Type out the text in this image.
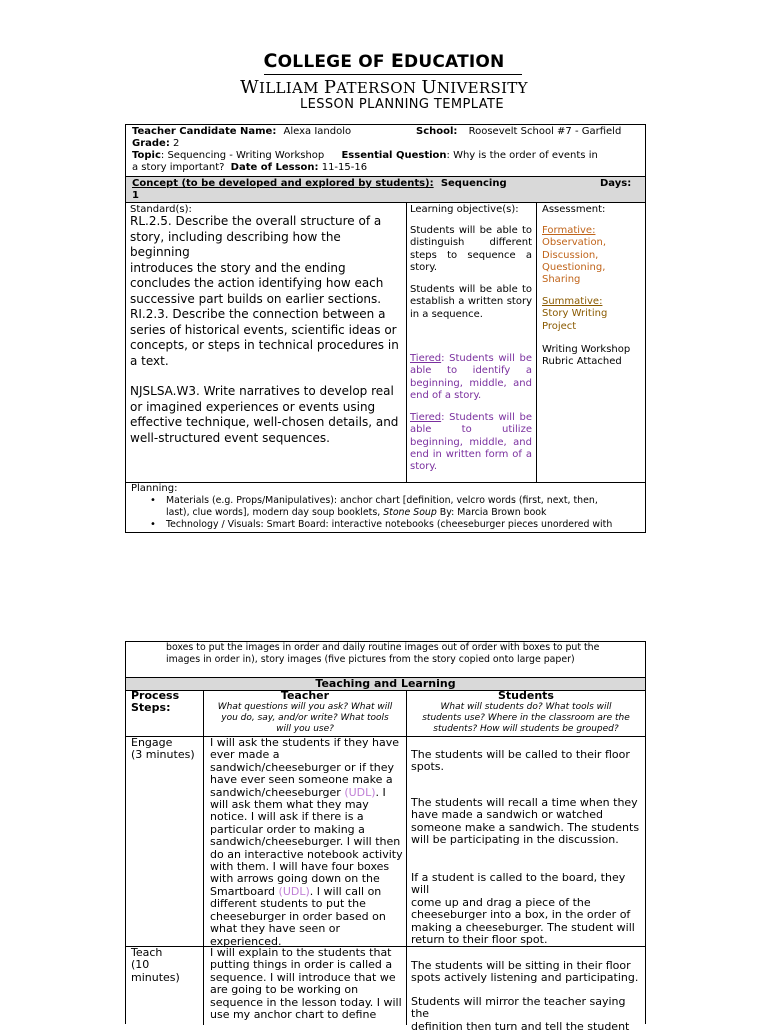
COLLEGE OF EDUCATION
WILLIAM PATERSON UNIVERSITY
LESSON PLANNING TEMPLATE
Teacher Candidate Name: Alexa Iandolo	School: Roosevelt School #7 - Garfield
Grade: 2
Topic: Sequencing - Writing Workshop Essential Question: Why is the order of events in
a story important? Date of Lesson: 11-15-16
Concept (to be developed and explored by students): Sequencing	Days:
1
Standard(s):
RL.2.5. Describe the overall structure of a
story, including describing how the beginning
introduces the story and the ending
concludes the action identifying how each
successive part builds on earlier sections.
RI.2.3. Describe the connection between a
series of historical events, scientific ideas or
concepts, or steps in technical procedures in
a text.
NJSLSA.W3. Write narratives to develop real
or imagined experiences or events using
effective technique, well-chosen details, and
well-structured event sequences.
Learning objective(s):
Students will be able to distinguish different steps to sequence a story.
Students will be able to establish a written story in a sequence.
Tiered: Students will be able to identify a beginning, middle, and end of a story.
Tiered: Students will be able to utilize beginning, middle, and end in written form of a story.
Assessment:
Formative:
Observation,
Discussion,
Questioning,
Sharing
Summative:
Story Writing
Project
Writing Workshop
Rubric Attached
Planning:
• Materials (e.g. Props/Manipulatives): anchor chart [definition, velcro words (first, next, then,
last), clue words], modern day soup booklets, Stone Soup By: Marcia Brown book
• Technology / Visuals: Smart Board: interactive notebooks (cheeseburger pieces unordered with
boxes to put the images in order and daily routine images out of order with boxes to put the
images in order in), story images (five pictures from the story copied onto large paper)
Teaching and Learning
Process
Steps:
Teacher
What questions will you ask? What will
you do, say, and/or write? What tools
will you use?
Students
What will students do? What tools will
students use? Where in the classroom are the
students? How will students be grouped?
Engage
(3 minutes)
I will ask the students if they have
ever made a
sandwich/cheeseburger or if they
have ever seen someone make a
sandwich/cheeseburger (UDL). I
will ask them what they may
notice. I will ask if there is a
particular order to making a
sandwich/cheeseburger. I will then
do an interactive notebook activity
with them. I will have four boxes
with arrows going down on the
Smartboard (UDL). I will call on
different students to put the
cheeseburger in order based on
what they have seen or
experienced.
The students will be called to their floor
spots.
The students will recall a time when they
have made a sandwich or watched
someone make a sandwich. The students
will be participating in the discussion.
If a student is called to the board, they will
come up and drag a piece of the
cheeseburger into a box, in the order of
making a cheeseburger. The student will
return to their floor spot.
Teach
(10
minutes)
I will explain to the students that
putting things in order is called a
sequence. I will introduce that we
are going to be working on
sequence in the lesson today. I will
use my anchor chart to define
The students will be sitting in their floor
spots actively listening and participating.
Students will mirror the teacher saying the
definition then turn and tell the student
